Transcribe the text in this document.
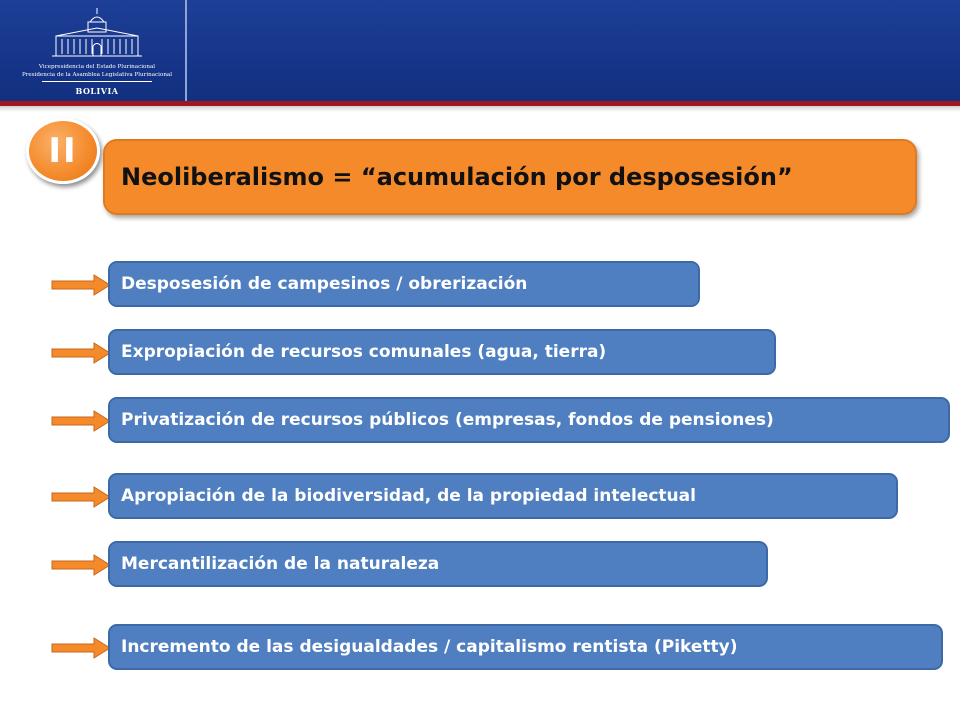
Vicepresidencia del Estado Plurinacional
Presidencia de la Asamblea Legislativa Plurinacional
BOLIVIA
II
Neoliberalismo = “acumulación por desposesión”
Desposesión de campesinos / obrerización
Expropiación de recursos comunales (agua, tierra)
Privatización de recursos públicos (empresas, fondos de pensiones)
Apropiación de la biodiversidad, de la propiedad intelectual
Mercantilización de la naturaleza
Incremento de las desigualdades / capitalismo rentista (Piketty)
